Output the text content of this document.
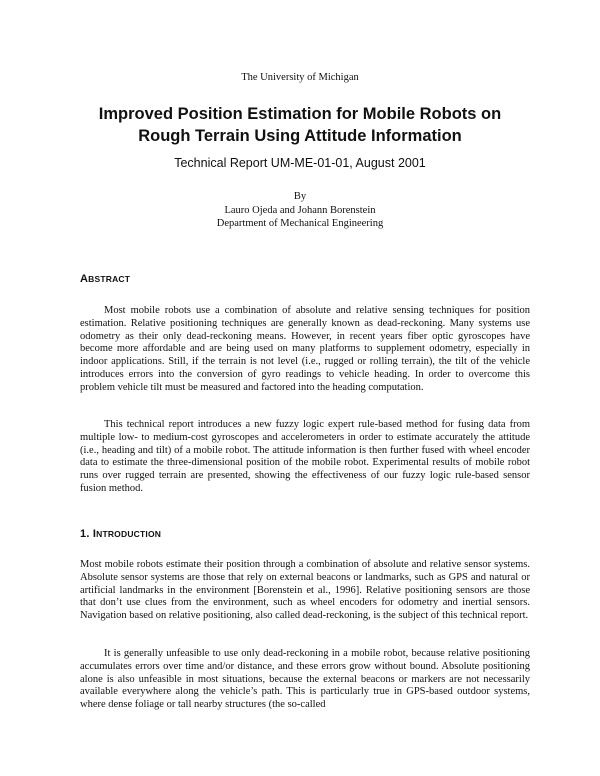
The University of Michigan
Improved Position Estimation for Mobile Robots on
Rough Terrain Using Attitude Information
Technical Report UM-ME-01-01, August 2001
By
Lauro Ojeda and Johann Borenstein
Department of Mechanical Engineering
ABSTRACT

Most mobile robots use a combination of absolute and relative sensing techniques for position estimation. Relative positioning techniques are generally known as dead-reckoning. Many systems use odometry as their only dead-reckoning means. However, in recent years fiber optic gyroscopes have become more affordable and are being used on many platforms to supplement odometry, especially in indoor applications. Still, if the terrain is not level (i.e., rugged or rolling terrain), the tilt of the vehicle introduces errors into the conversion of gyro readings to vehicle heading. In order to overcome this problem vehicle tilt must be measured and factored into the heading computation.

This technical report introduces a new fuzzy logic expert rule-based method for fusing data from multiple low- to medium-cost gyroscopes and accelerometers in order to estimate accurately the attitude (i.e., heading and tilt) of a mobile robot. The attitude information is then further fused with wheel encoder data to estimate the three-dimensional position of the mobile robot. Experimental results of mobile robot runs over rugged terrain are presented, showing the effectiveness of our fuzzy logic rule-based sensor fusion method.

1. INTRODUCTION

Most mobile robots estimate their position through a combination of absolute and relative sensor systems. Absolute sensor systems are those that rely on external beacons or landmarks, such as GPS and natural or artificial landmarks in the environment [Borenstein et al., 1996]. Relative positioning sensors are those that don’t use clues from the environment, such as wheel encoders for odometry and inertial sensors. Navigation based on relative positioning, also called dead-reckoning, is the subject of this technical report.

It is generally unfeasible to use only dead-reckoning in a mobile robot, because relative positioning accumulates errors over time and/or distance, and these errors grow without bound. Absolute positioning alone is also unfeasible in most situations, because the external beacons or markers are not necessarily available everywhere along the vehicle’s path. This is particularly true in GPS-based outdoor systems, where dense foliage or tall nearby structures (the so-called
